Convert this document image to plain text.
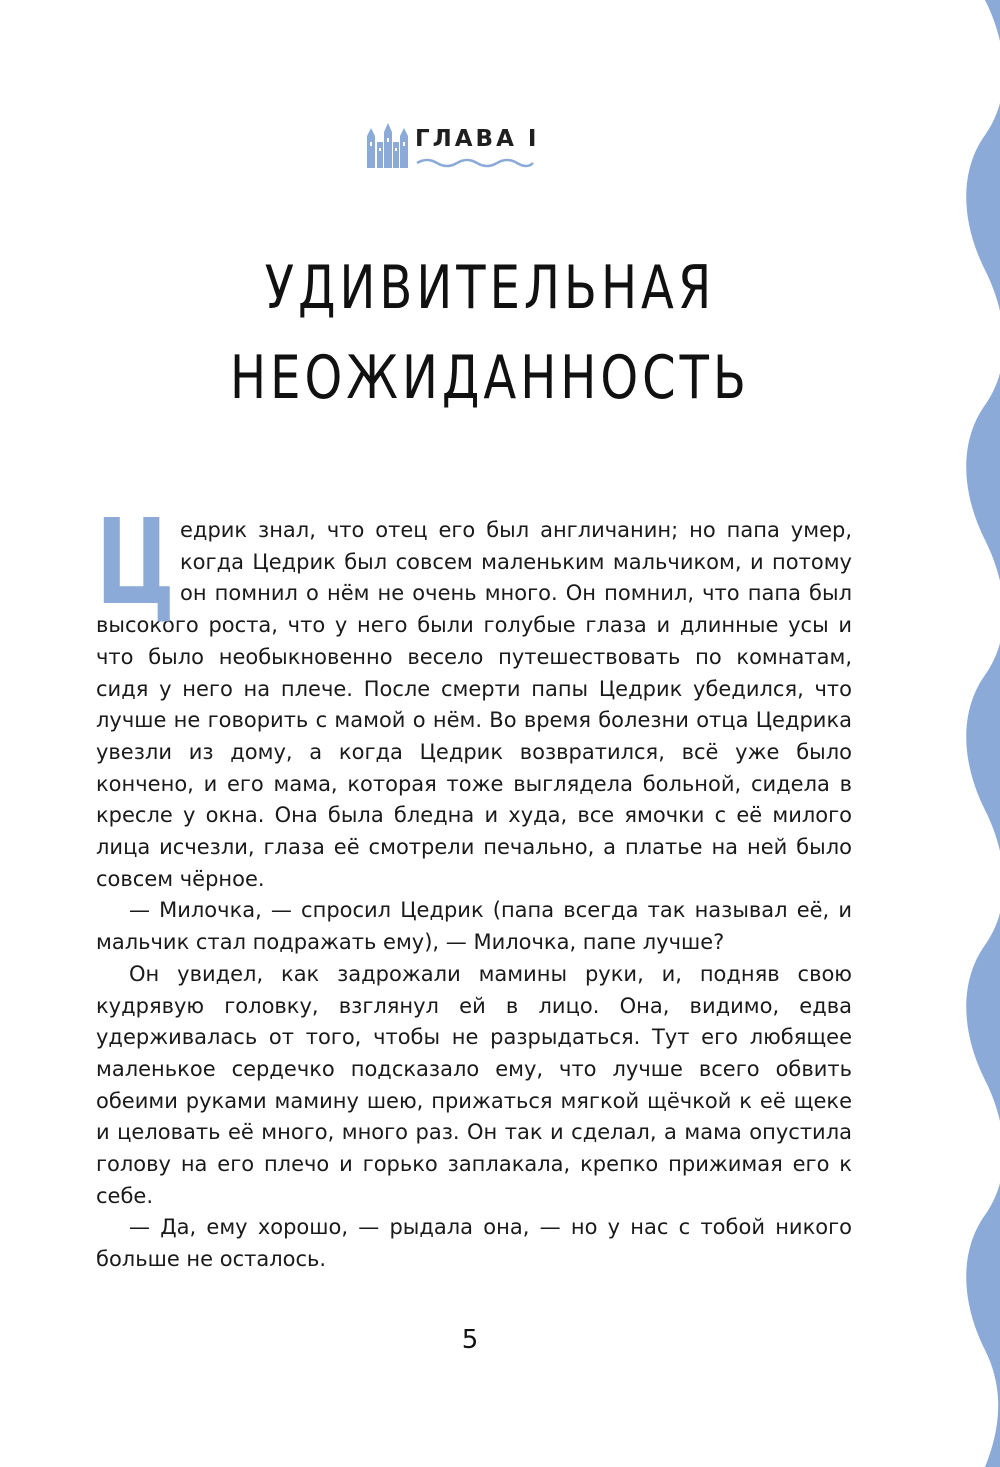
ГЛАВА I
УДИВИТЕЛЬНАЯ
НЕОЖИДАННОСТЬ

Цедрик знал, что отец его был англичанин; но папа умер, когда Цедрик был совсем маленьким мальчиком, и потому он помнил о нём не очень много. Он помнил, что папа был высокого роста, что у него были голубые глаза и длинные усы и что было необыкновенно весело путешествовать по комнатам, сидя у него на плече. После смерти папы Цедрик убедился, что лучше не говорить с мамой о нём. Во время болезни отца Цедрика увезли из дому, а когда Цедрик возвратился, всё уже было кончено, и его мама, которая тоже выглядела больной, сидела в кресле у окна. Она была бледна и худа, все ямочки с её милого лица исчезли, глаза её смотрели печально, а платье на ней было совсем чёрное.

— Милочка, — спросил Цедрик (папа всегда так называл её, и мальчик стал подражать ему), — Милочка, папе лучше?

Он увидел, как задрожали мамины руки, и, подняв свою кудрявую головку, взглянул ей в лицо. Она, видимо, едва удерживалась от того, чтобы не разрыдаться. Тут его любящее маленькое сердечко подсказало ему, что лучше всего обвить обеими руками мамину шею, прижаться мягкой щёчкой к её щеке и целовать её много, много раз. Он так и сделал, а мама опустила голову на его плечо и горько заплакала, крепко прижимая его к себе.

— Да, ему хорошо, — рыдала она, — но у нас с тобой никого больше не осталось.

5
